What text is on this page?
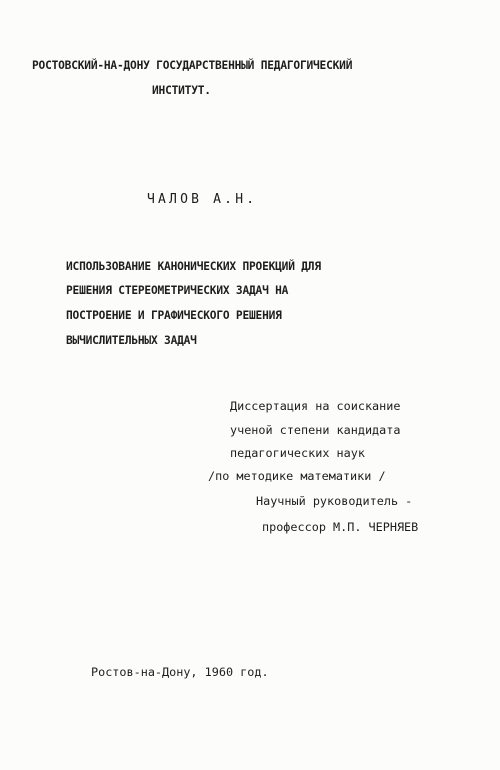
РОСТОВСКИЙ-НА-ДОНУ ГОСУДАРСТВЕННЫЙ ПЕДАГОГИЧЕСКИЙ
ИНСТИТУТ.
ЧАЛОВ А.Н.
ИСПОЛЬЗОВАНИЕ КАНОНИЧЕСКИХ ПРОЕКЦИЙ ДЛЯ
РЕШЕНИЯ СТЕРЕОМЕТРИЧЕСКИХ ЗАДАЧ НА
ПОСТРОЕНИЕ И ГРАФИЧЕСКОГО РЕШЕНИЯ
ВЫЧИСЛИТЕЛЬНЫХ ЗАДАЧ
Диссертация на соискание
ученой степени кандидата
педагогических наук
/по методике математики /
Научный руководитель -
профессор М.П. ЧЕРНЯЕВ
Ростов-на-Дону, 1960 год.
